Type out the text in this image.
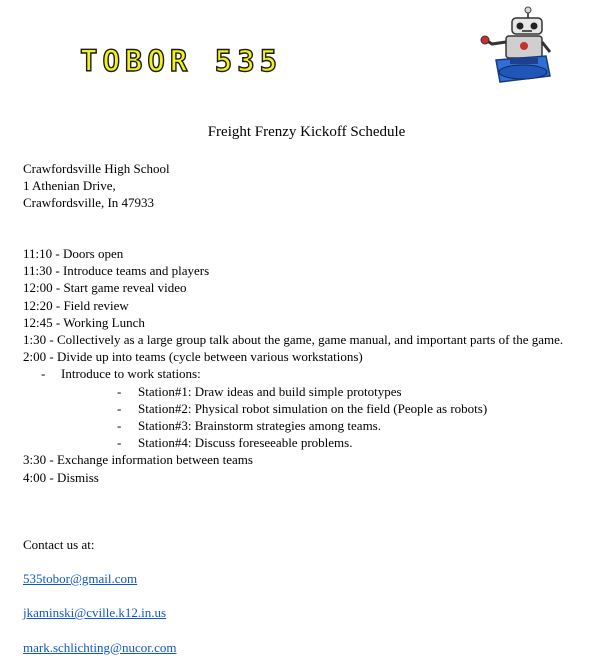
TOBOR 535
Freight Frenzy Kickoff Schedule
Crawfordsville High School
1 Athenian Drive,
Crawfordsville, In 47933
11:10 - Doors open
11:30 - Introduce teams and players
12:00 - Start game reveal video
12:20 - Field review
12:45 - Working Lunch
1:30 - Collectively as a large group talk about the game, game manual, and important parts of the game.
2:00 - Divide up into teams (cycle between various workstations)
- Introduce to work stations:
- Station#1: Draw ideas and build simple prototypes
- Station#2: Physical robot simulation on the field (People as robots)
- Station#3: Brainstorm strategies among teams.
- Station#4: Discuss foreseeable problems.
3:30 - Exchange information between teams
4:00 - Dismiss
Contact us at:
535tobor@gmail.com
jkaminski@cville.k12.in.us
mark.schlichting@nucor.com
